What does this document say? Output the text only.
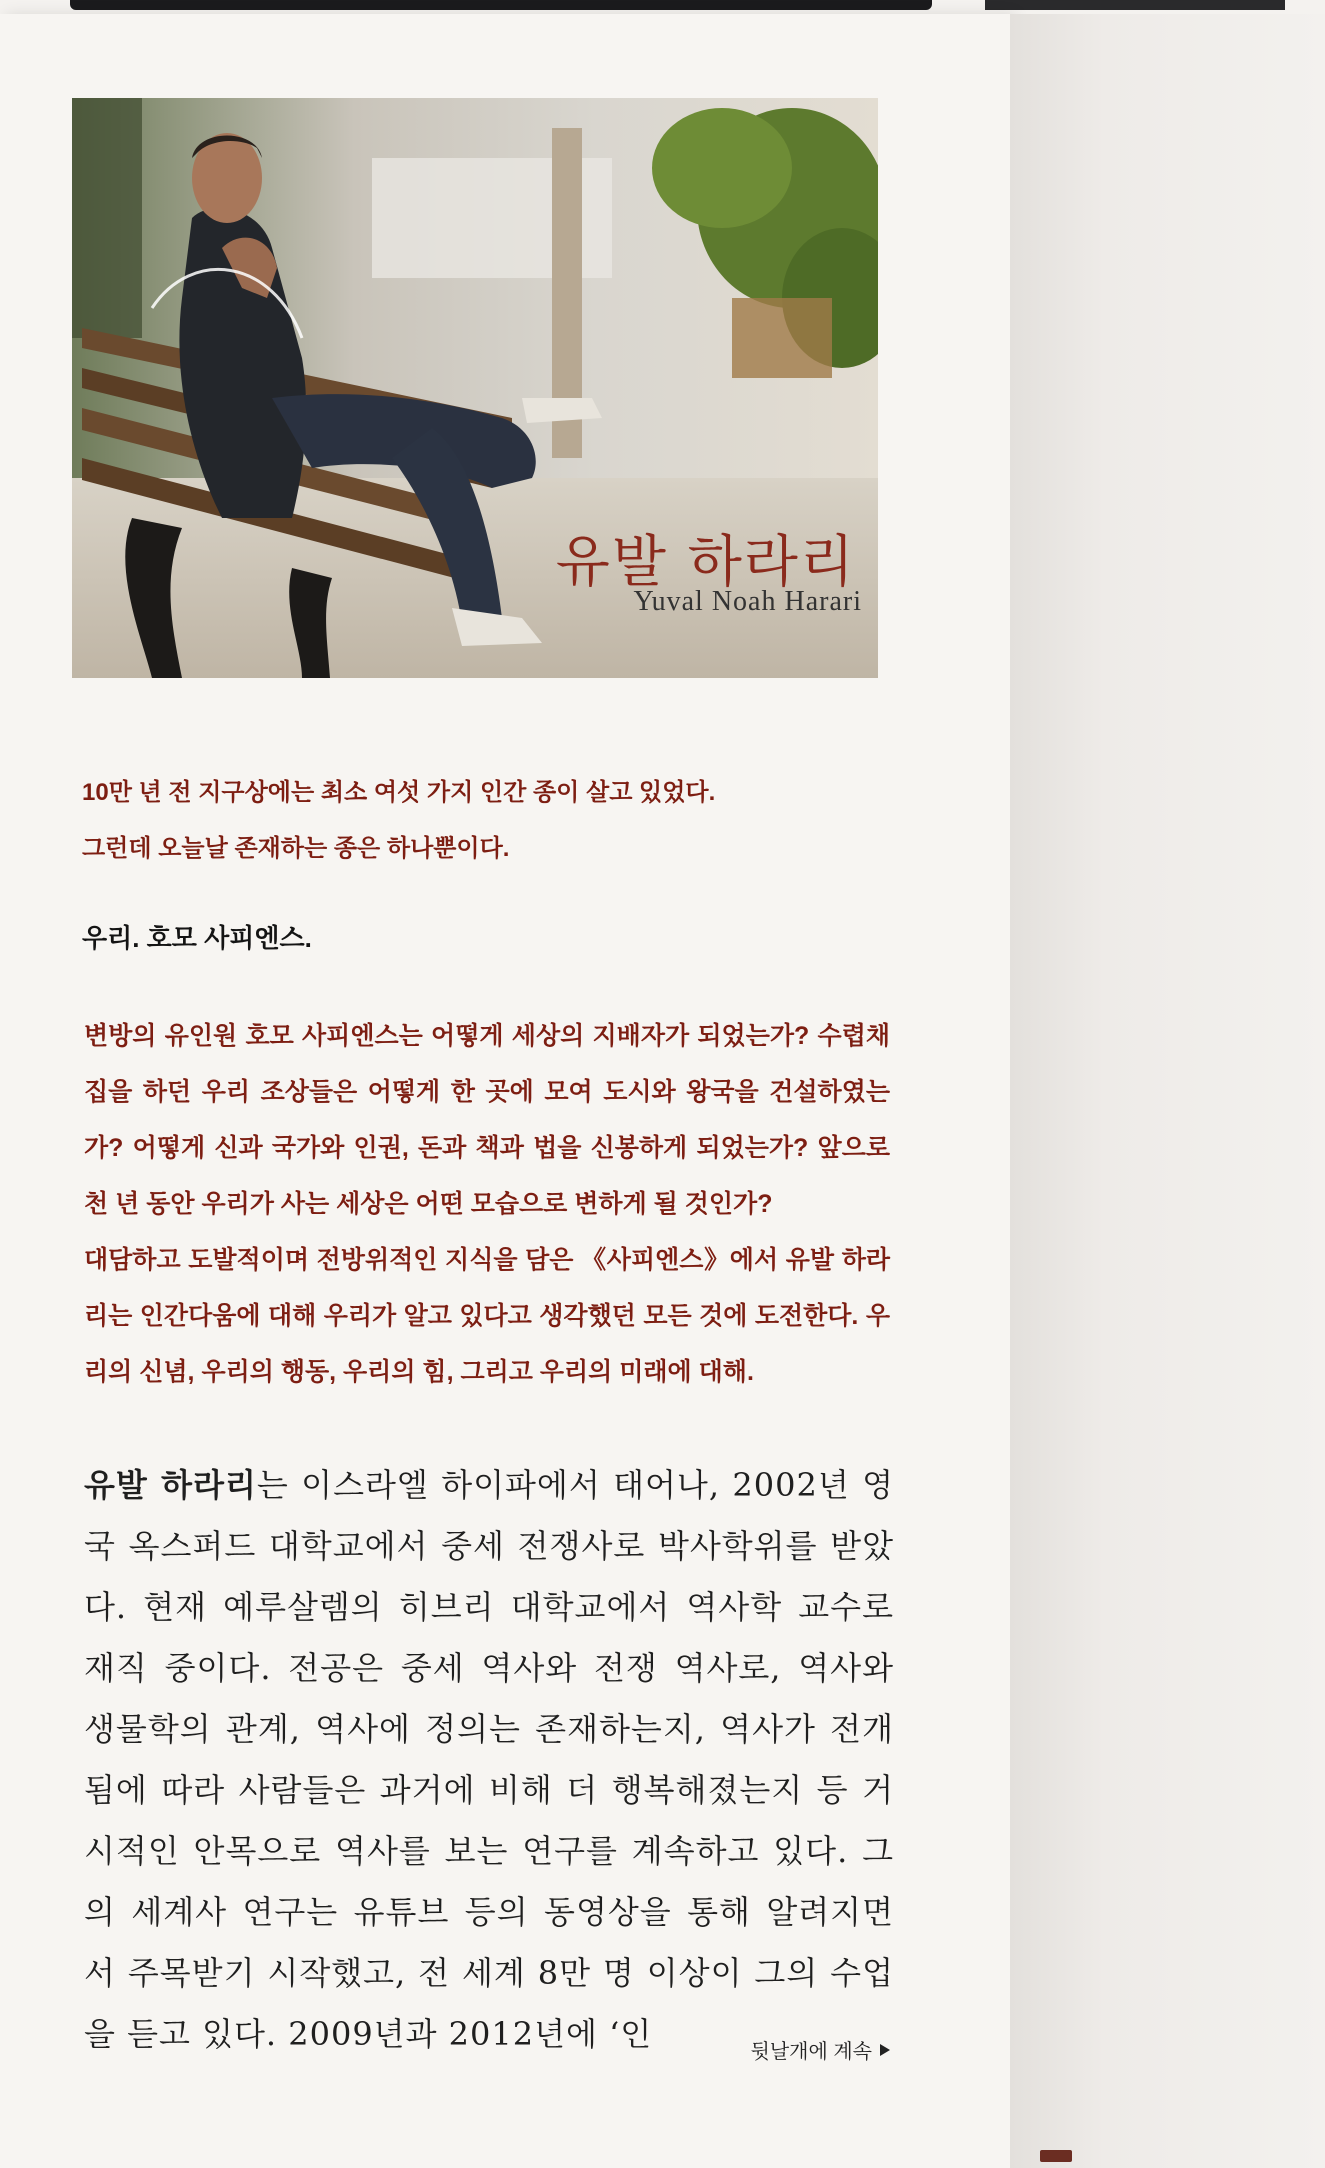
유발 하라리
Yuval Noah Harari

10만 년 전 지구상에는 최소 여섯 가지 인간 종이 살고 있었다.

그런데 오늘날 존재하는 종은 하나뿐이다.

우리. 호모 사피엔스.

변방의 유인원 호모 사피엔스는 어떻게 세상의 지배자가 되었는가? 수렵채집을 하던 우리 조상들은 어떻게 한 곳에 모여 도시와 왕국을 건설하였는가? 어떻게 신과 국가와 인권, 돈과 책과 법을 신봉하게 되었는가? 앞으로 천 년 동안 우리가 사는 세상은 어떤 모습으로 변하게 될 것인가?

대담하고 도발적이며 전방위적인 지식을 담은 《사피엔스》에서 유발 하라리는 인간다움에 대해 우리가 알고 있다고 생각했던 모든 것에 도전한다. 우리의 신념, 우리의 행동, 우리의 힘, 그리고 우리의 미래에 대해.

유발 하라리는 이스라엘 하이파에서 태어나, 2002년 영국 옥스퍼드 대학교에서 중세 전쟁사로 박사학위를 받았다. 현재 예루살렘의 히브리 대학교에서 역사학 교수로 재직 중이다. 전공은 중세 역사와 전쟁 역사로, 역사와 생물학의 관계, 역사에 정의는 존재하는지, 역사가 전개됨에 따라 사람들은 과거에 비해 더 행복해졌는지 등 거시적인 안목으로 역사를 보는 연구를 계속하고 있다. 그의 세계사 연구는 유튜브 등의 동영상을 통해 알려지면서 주목받기 시작했고, 전 세계 8만 명 이상이 그의 수업을 듣고 있다. 2009년과 2012년에 ‘인	뒷날개에 계속
